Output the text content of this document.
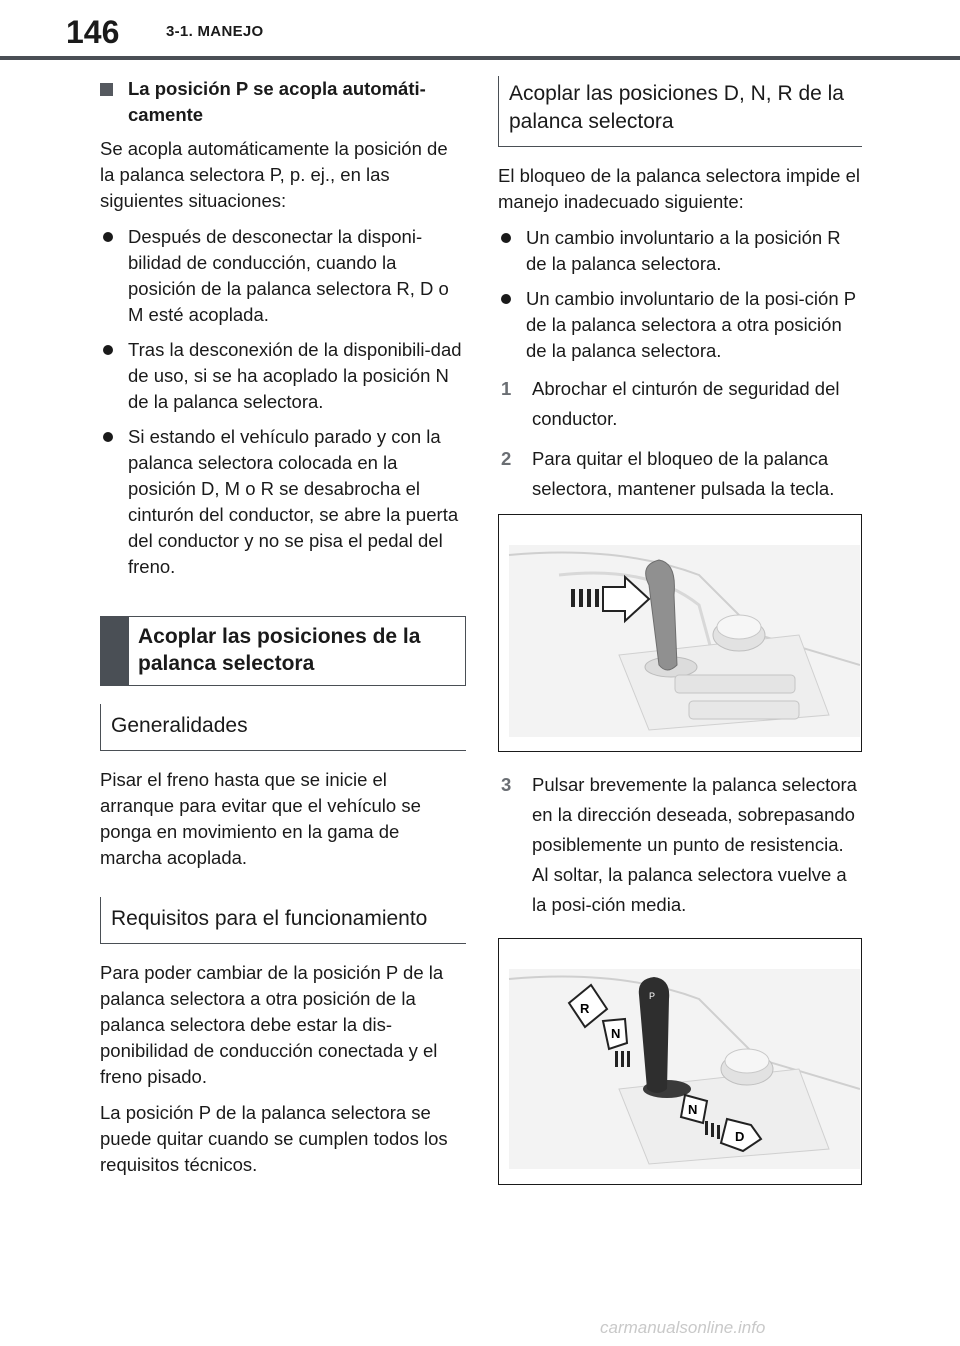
146	3-1. MANEJO
La posición P se acopla automáti-camente

Se acopla automáticamente la posición de la palanca selectora P, p. ej., en las siguientes situaciones:

Después de desconectar la disponi-bilidad de conducción, cuando la posición de la palanca selectora R, D o M esté acoplada.
Tras la desconexión de la disponibili-dad de uso, si se ha acoplado la posición N de la palanca selectora.
Si estando el vehículo parado y con la palanca selectora colocada en la posición D, M o R se desabrocha el cinturón del conductor, se abre la puerta del conductor y no se pisa el pedal del freno.
Acoplar las posiciones de la palanca selectora
Generalidades

Pisar el freno hasta que se inicie el arranque para evitar que el vehículo se ponga en movimiento en la gama de marcha acoplada.

Requisitos para el funcionamiento

Para poder cambiar de la posición P de la palanca selectora a otra posición de la palanca selectora debe estar la dis-ponibilidad de conducción conectada y el freno pisado.

La posición P de la palanca selectora se puede quitar cuando se cumplen todos los requisitos técnicos.

Acoplar las posiciones D, N, R de la palanca selectora

El bloqueo de la palanca selectora impide el manejo inadecuado siguiente:

Un cambio involuntario a la posición R de la palanca selectora.
Un cambio involuntario de la posi-ción P de la palanca selectora a otra posición de la palanca selectora.
1 Abrochar el cinturón de seguridad del conductor.
2 Para quitar el bloqueo de la palanca selectora, mantener pulsada la tecla.
3 Pulsar brevemente la palanca selectora en la dirección deseada, sobrepasando posiblemente un punto de resistencia. Al soltar, la palanca selectora vuelve a la posi-ción media.
P
R
N
N
D
carmanualsonline.info
